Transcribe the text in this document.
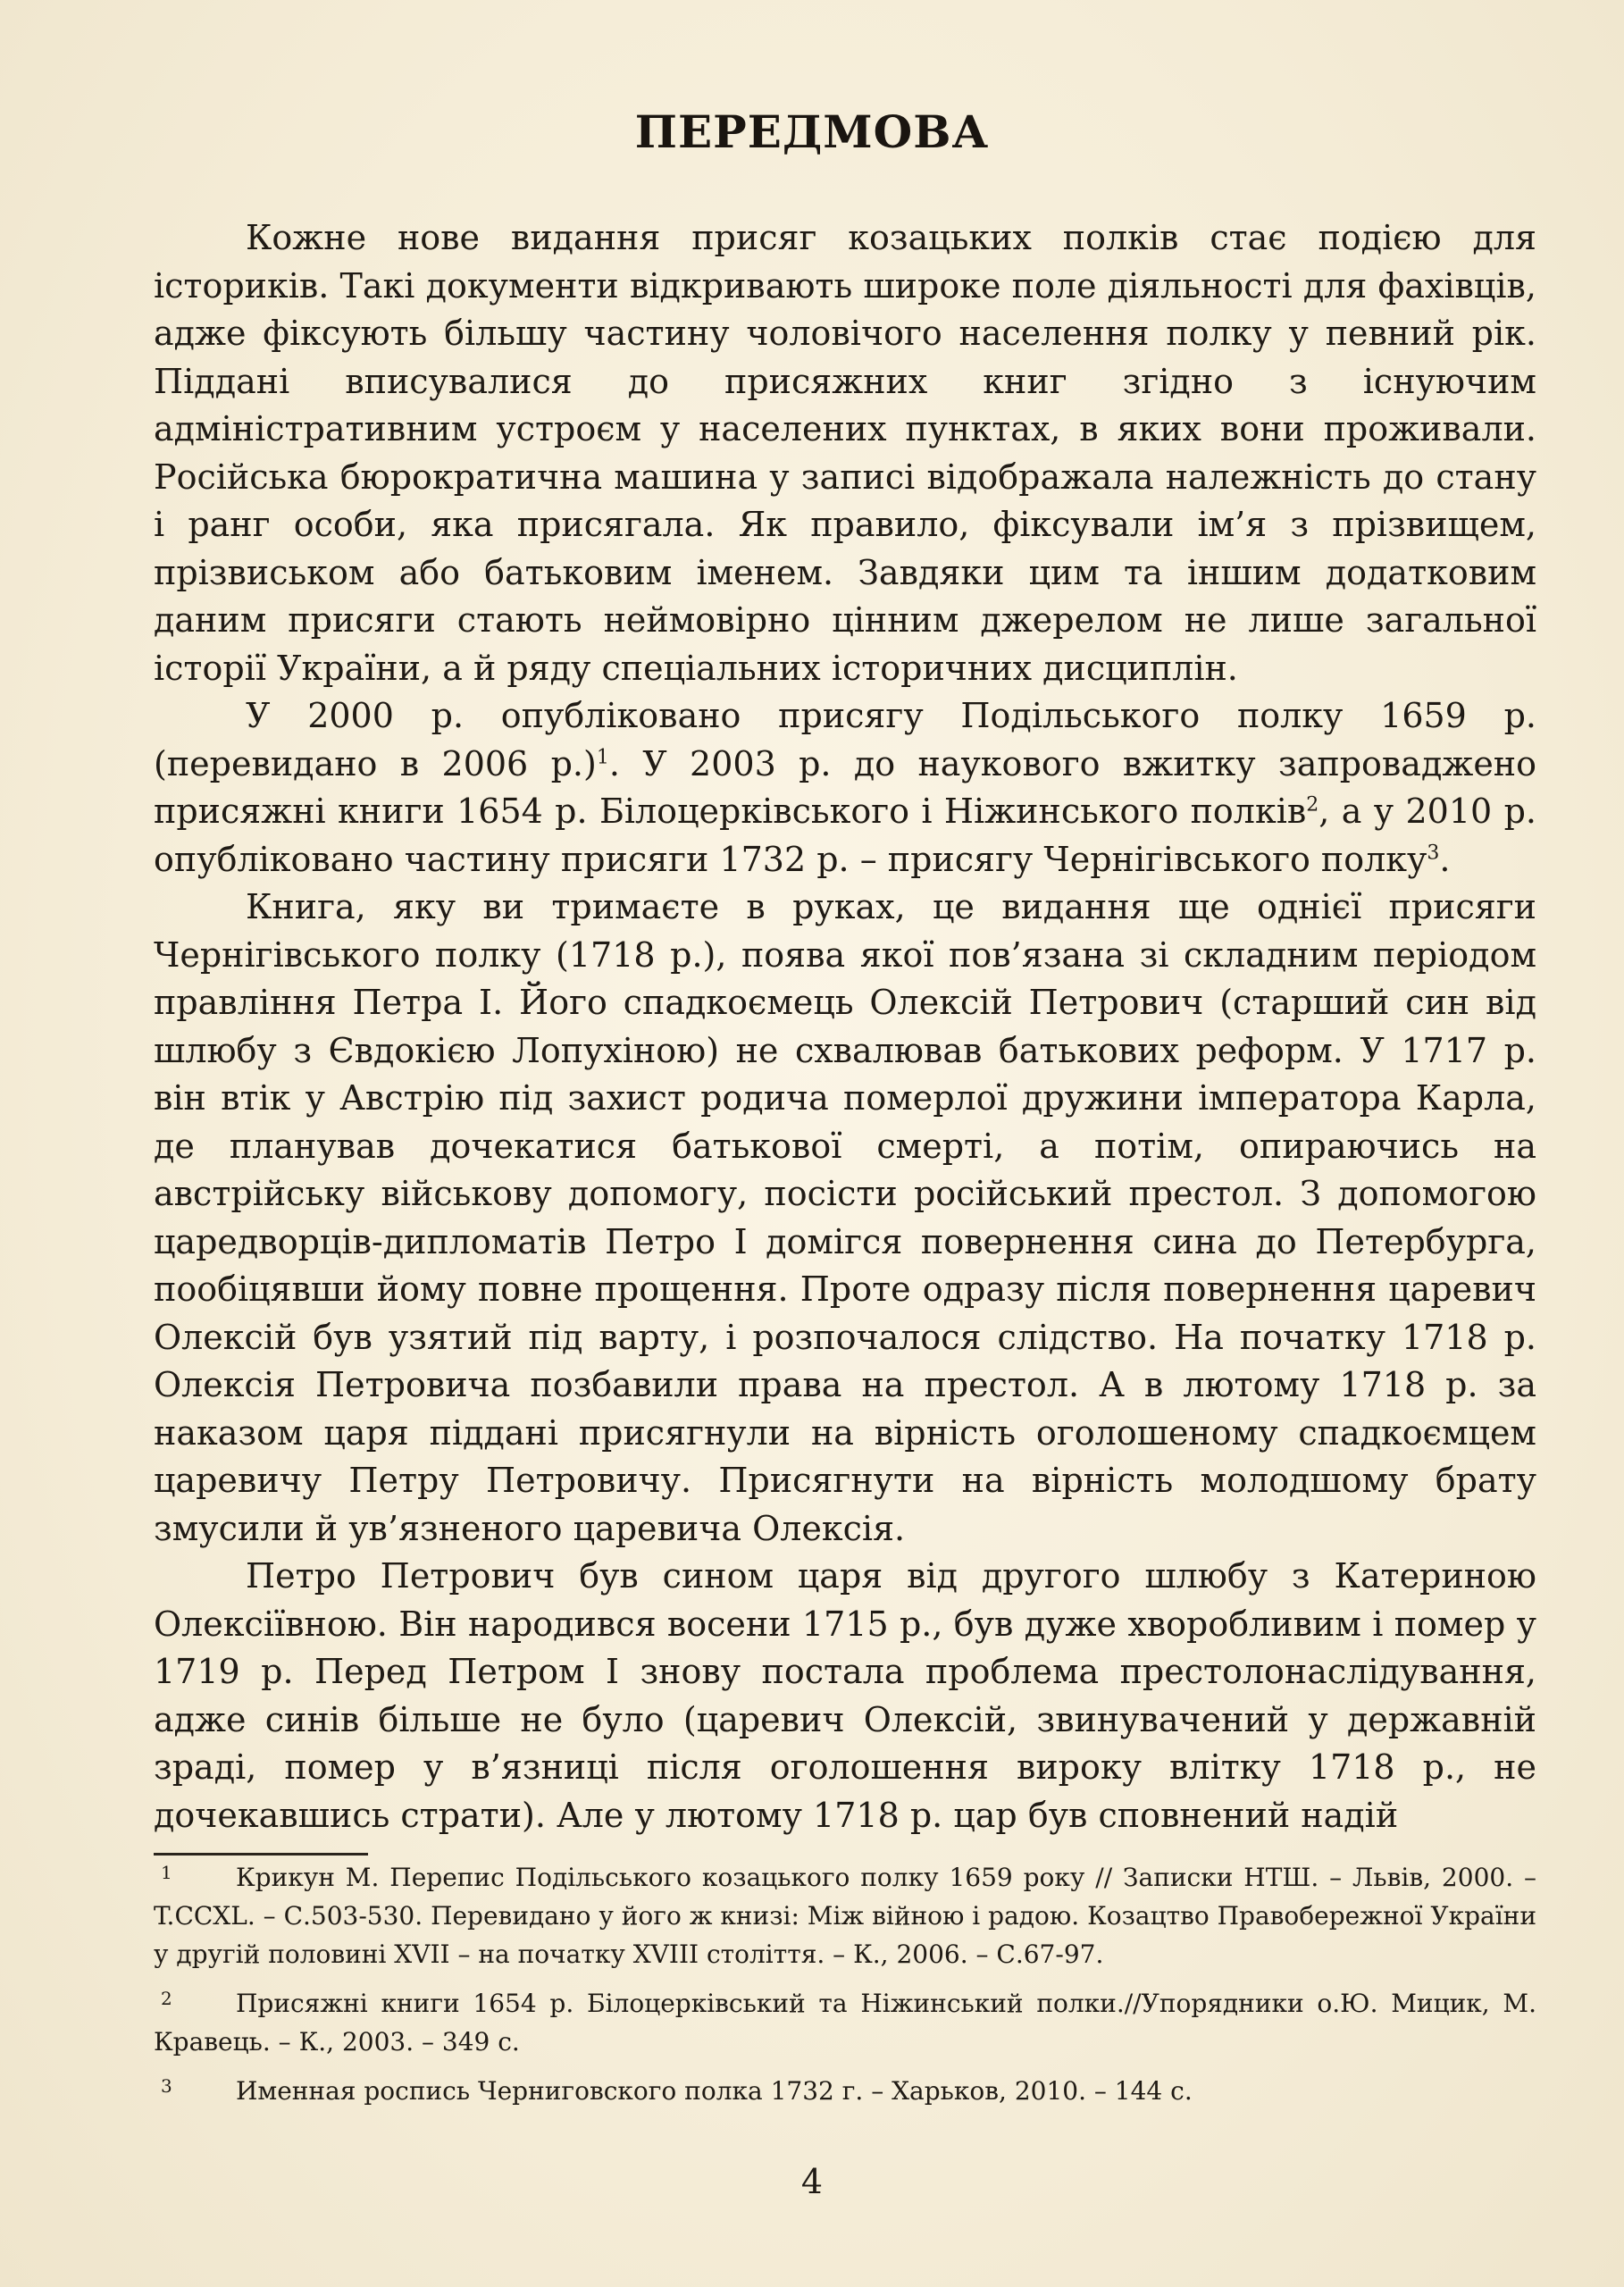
ПЕРЕДМОВА

Кожне нове видання присяг козацьких полків стає подією для істориків. Такі документи відкривають широке поле діяльності для фахівців, адже фіксують більшу частину чоловічого населення полку у певний рік. Піддані вписувалися до присяжних книг згідно з існуючим адміністративним устроєм у населених пунктах, в яких вони проживали. Російська бюрократична машина у записі відображала належність до стану і ранг особи, яка присягала. Як правило, фіксували ім’я з прізвищем, прізвиськом або батьковим іменем. Завдяки цим та іншим додатковим даним присяги стають неймовірно цінним джерелом не лише загальної історії України, а й ряду спеціальних історичних дисциплін.

У 2000 р. опубліковано присягу Подільського полку 1659 р. (перевидано в 2006 р.)$^1$. У 2003 р. до наукового вжитку запроваджено присяжні книги 1654 р. Білоцерківського і Ніжинського полків$^2$, а у 2010 р. опубліковано частину присяги 1732 р. – присягу Чернігівського полку$^3$.

Книга, яку ви тримаєте в руках, це видання ще однієї присяги Чернігівського полку (1718 р.), поява якої пов’язана зі складним періодом правління Петра І. Його спадкоємець Олексій Петрович (старший син від шлюбу з Євдокією Лопухіною) не схвалював батькових реформ. У 1717 р. він втік у Австрію під захист родича померлої дружини імператора Карла, де планував дочекатися батькової смерті, а потім, опираючись на австрійську військову допомогу, посісти російський престол. З допомогою царедворців-дипломатів Петро І домігся повернення сина до Петербурга, пообіцявши йому повне прощення. Проте одразу після повернення царевич Олексій був узятий під варту, і розпочалося слідство. На початку 1718 р. Олексія Петровича позбавили права на престол. А в лютому 1718 р. за наказом царя піддані присягнули на вірність оголошеному спадкоємцем царевичу Петру Петровичу. Присягнути на вірність молодшому брату змусили й ув’язненого царевича Олексія.

Петро Петрович був сином царя від другого шлюбу з Катериною Олексіївною. Він народився восени 1715 р., був дуже хворобливим і помер у 1719 р. Перед Петром І знову постала проблема престолонаслідування, адже синів більше не було (царевич Олексій, звинувачений у державній зраді, помер у в’язниці після оголошення вироку влітку 1718 р., не дочекавшись страти). Але у лютому 1718 р. цар був сповнений надій

1	Крикун М. Перепис Подільського козацького полку 1659 року // Записки НТШ. – Львів, 2000. – T.CCXL. – С.503-530. Перевидано у його ж книзі: Між війною і радою. Козацтво Правобережної України у другій половині XVII – на початку XVIII століття. – К., 2006. – С.67-97.

2	Присяжні книги 1654 р. Білоцерківський та Ніжинський полки.//Упорядники о.Ю. Мицик, М. Кравець. – К., 2003. – 349 с.

3	Именная роспись Черниговского полка 1732 г. – Харьков, 2010. – 144 с.

4
